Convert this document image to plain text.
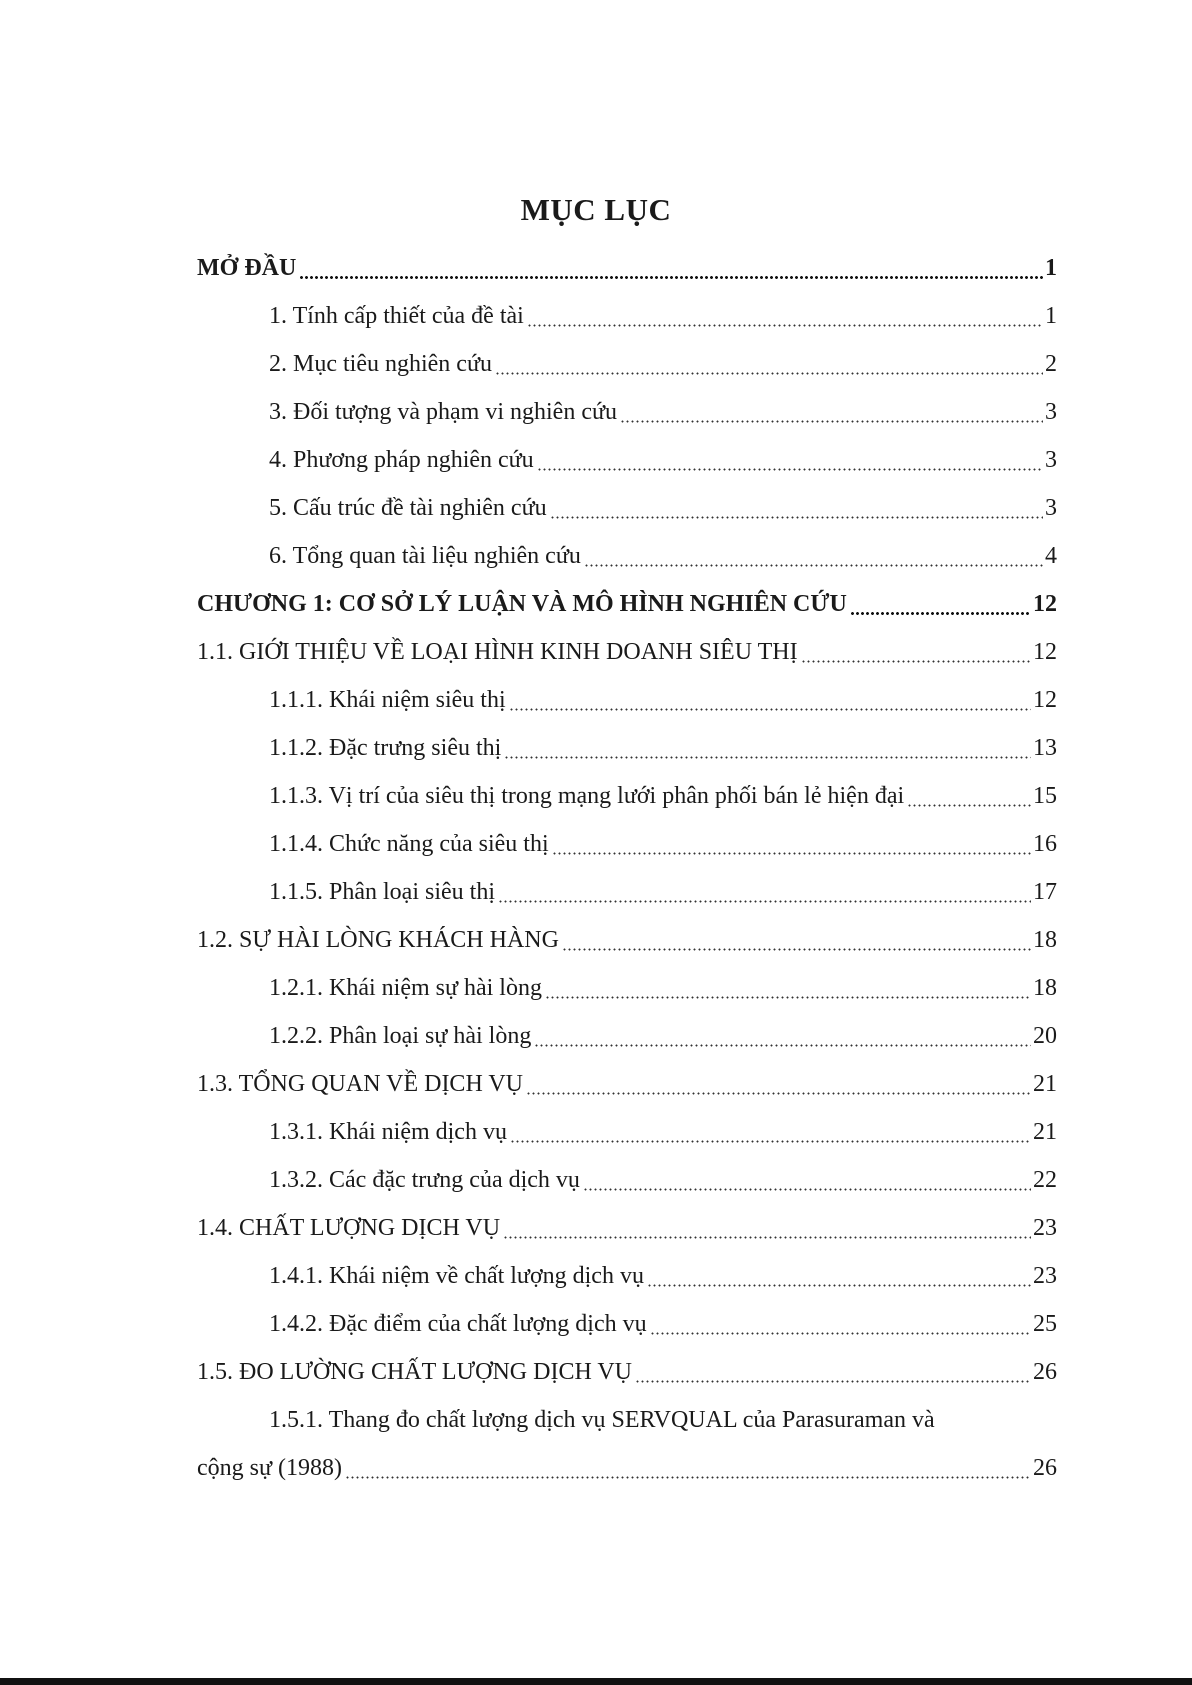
MỤC LỤC
MỞ ĐẦU	1
1. Tính cấp thiết của đề tài	1
2. Mục tiêu nghiên cứu	2
3. Đối tượng và phạm vi nghiên cứu	3
4. Phương pháp nghiên cứu	3
5. Cấu trúc đề tài nghiên cứu	3
6. Tổng quan tài liệu nghiên cứu	4
CHƯƠNG 1: CƠ SỞ LÝ LUẬN VÀ MÔ HÌNH NGHIÊN CỨU	12
1.1. GIỚI THIỆU VỀ LOẠI HÌNH KINH DOANH SIÊU THỊ	12
1.1.1. Khái niệm siêu thị	12
1.1.2. Đặc trưng siêu thị	13
1.1.3. Vị trí của siêu thị trong mạng lưới phân phối bán lẻ hiện đại	15
1.1.4. Chức năng của siêu thị	16
1.1.5. Phân loại siêu thị	17
1.2. SỰ HÀI LÒNG KHÁCH HÀNG	18
1.2.1. Khái niệm sự hài lòng	18
1.2.2. Phân loại sự hài lòng	20
1.3. TỔNG QUAN VỀ DỊCH VỤ	21
1.3.1. Khái niệm dịch vụ	21
1.3.2. Các đặc trưng của dịch vụ	22
1.4. CHẤT LƯỢNG DỊCH VỤ	23
1.4.1. Khái niệm về chất lượng dịch vụ	23
1.4.2. Đặc điểm của chất lượng dịch vụ	25
1.5. ĐO LƯỜNG CHẤT LƯỢNG DỊCH VỤ	26
1.5.1. Thang đo chất lượng dịch vụ SERVQUAL của Parasuraman và
cộng sự (1988)	26
